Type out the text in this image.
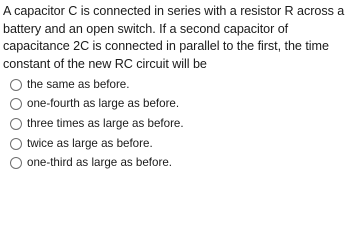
A capacitor C is connected in series with a resistor R across a battery and an open switch. If a second capacitor of capacitance 2C is connected in parallel to the first, the time constant of the new RC circuit will be

the same as before.
one-fourth as large as before.
three times as large as before.
twice as large as before.
one-third as large as before.
